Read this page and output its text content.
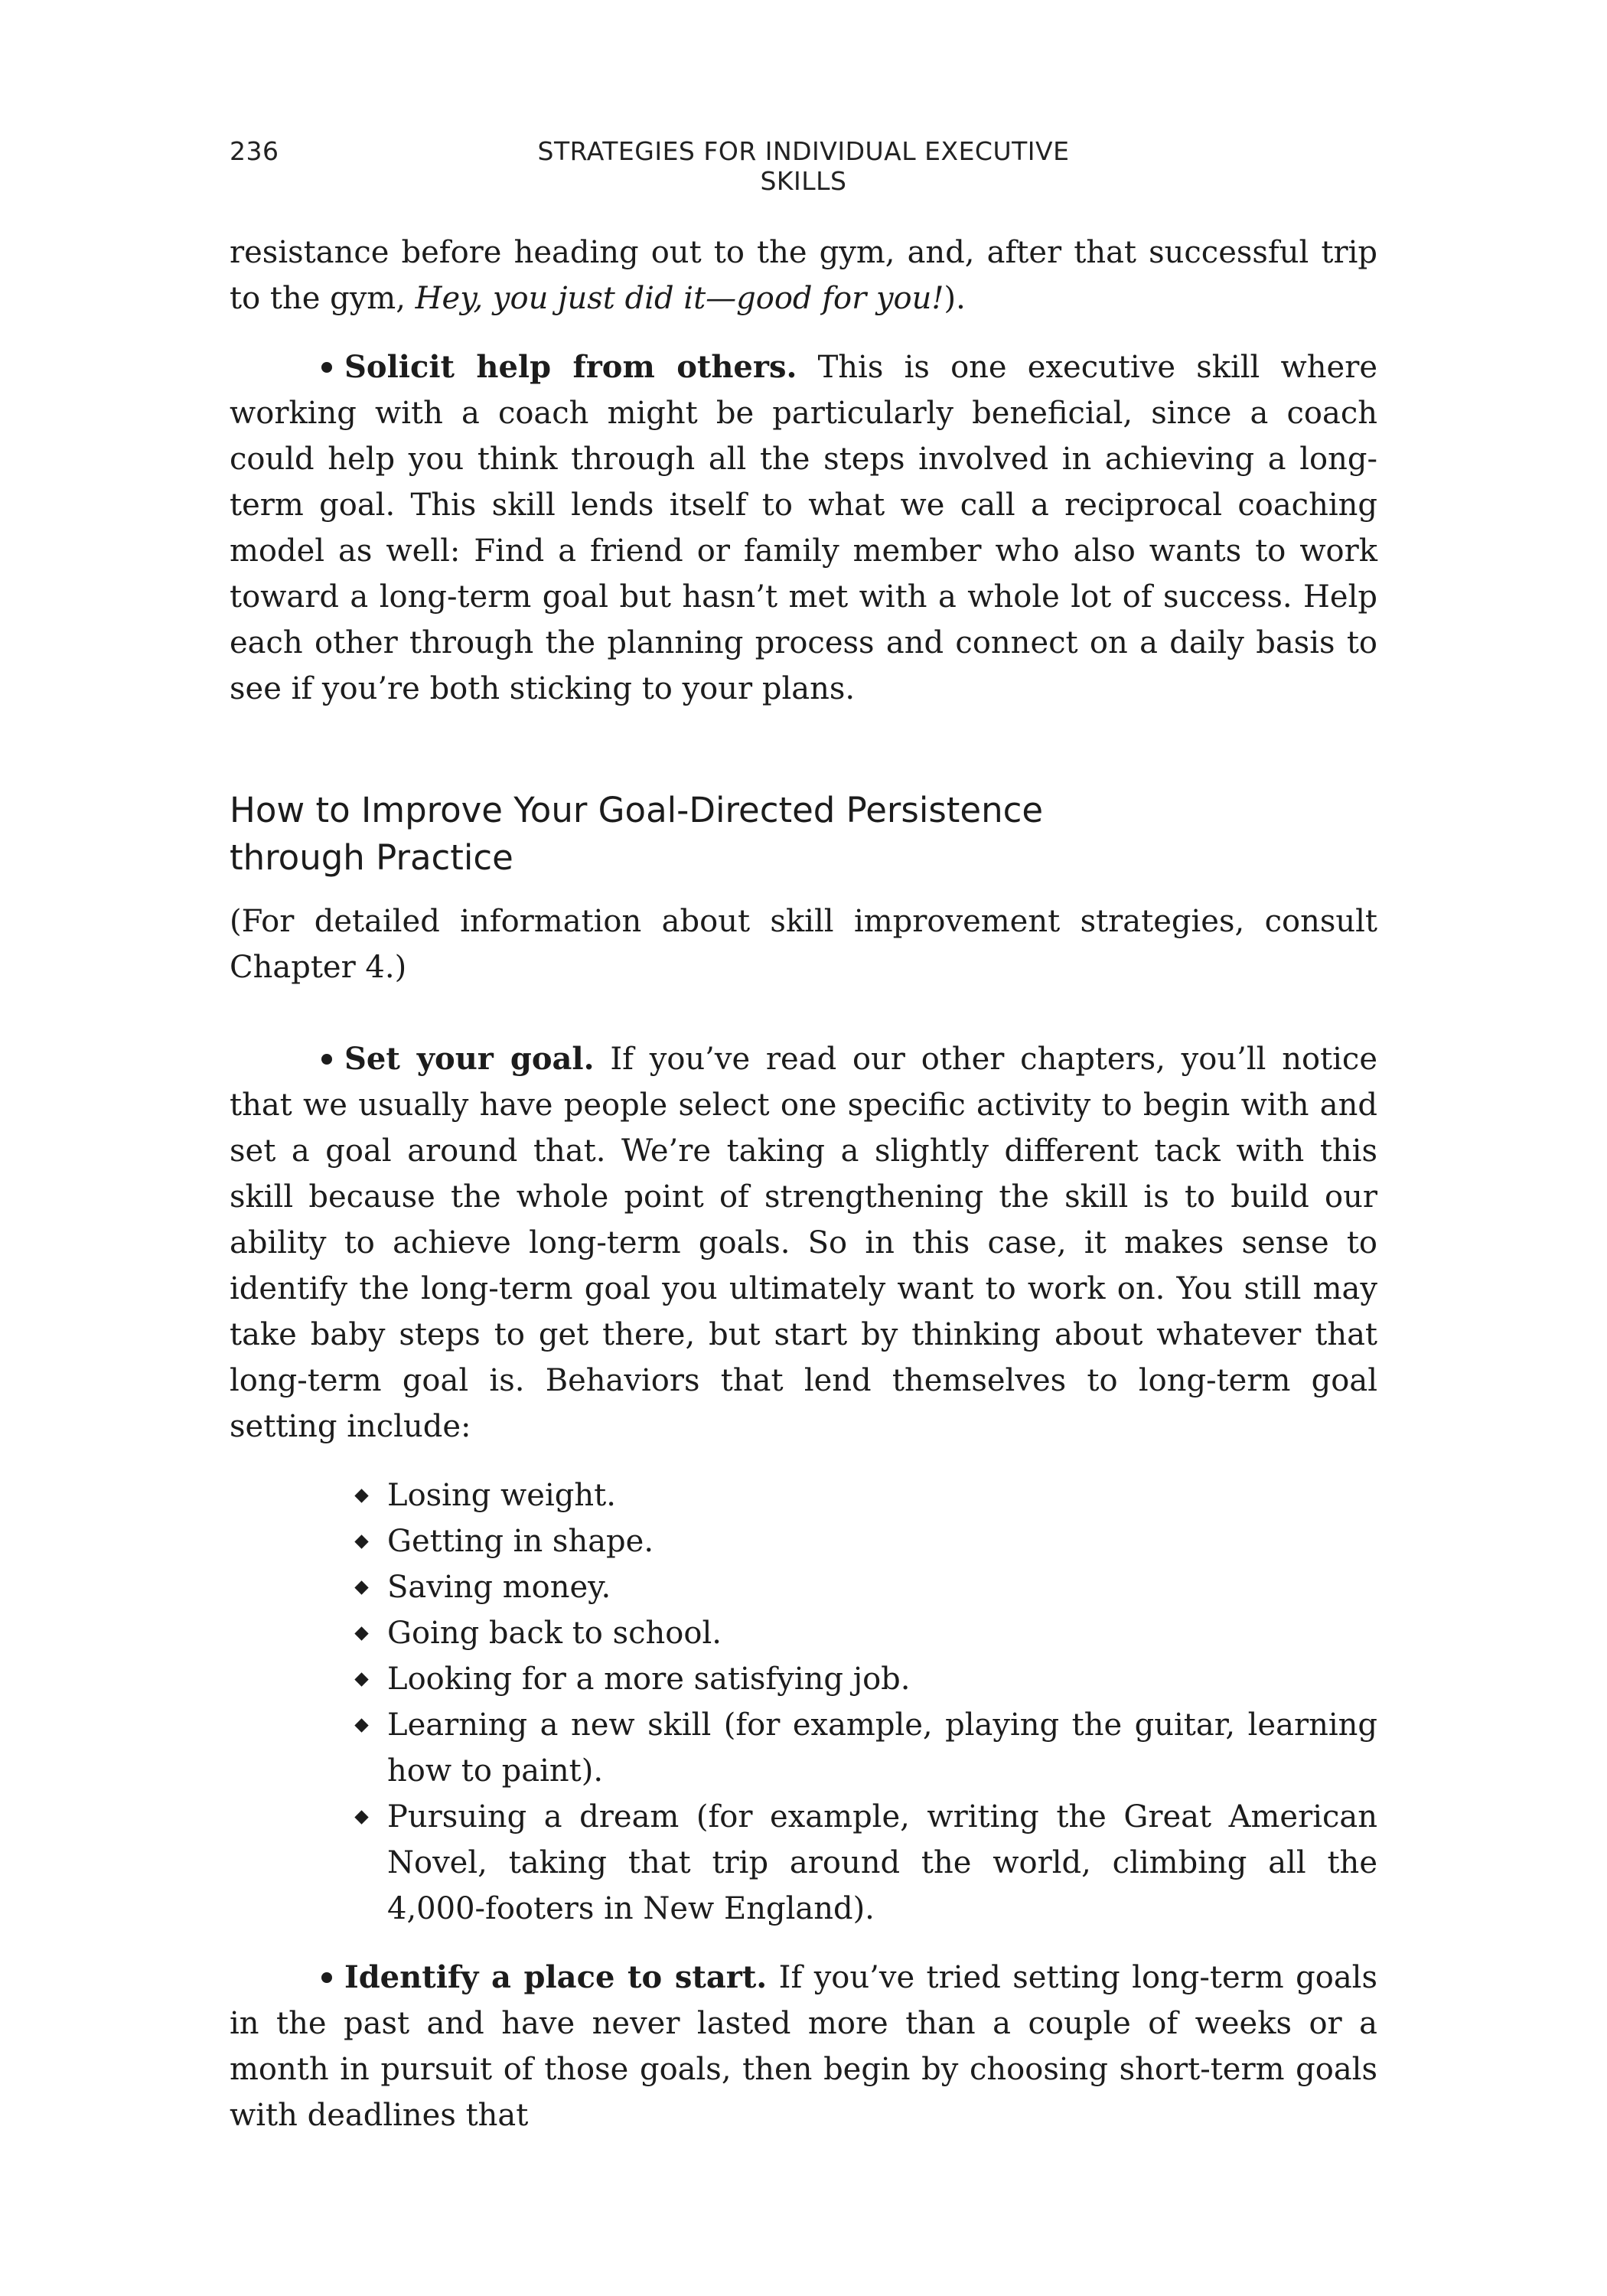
236	STRATEGIES FOR INDIVIDUAL EXECUTIVE SKILLS

resistance before heading out to the gym, and, after that successful trip to the gym, Hey, you just did it—good for you!).

Solicit help from others. This is one executive skill where working with a coach might be particularly beneficial, since a coach could help you think through all the steps involved in achieving a long-term goal. This skill lends itself to what we call a reciprocal coaching model as well: Find a friend or family member who also wants to work toward a long-term goal but hasn’t met with a whole lot of success. Help each other through the planning process and connect on a daily basis to see if you’re both sticking to your plans.

How to Improve Your Goal-Directed Persistence
through Practice

(For detailed information about skill improvement strategies, consult Chapter 4.)

Set your goal. If you’ve read our other chapters, you’ll notice that we usually have people select one specific activity to begin with and set a goal around that. We’re taking a slightly different tack with this skill because the whole point of strengthening the skill is to build our ability to achieve long-term goals. So in this case, it makes sense to identify the long-term goal you ultimately want to work on. You still may take baby steps to get there, but start by thinking about whatever that long-term goal is. Behaviors that lend themselves to long-term goal setting include:

Losing weight.
Getting in shape.
Saving money.
Going back to school.
Looking for a more satisfying job.
Learning a new skill (for example, playing the guitar, learning how to paint).
Pursuing a dream (for example, writing the Great American Novel, taking that trip around the world, climbing all the 4,000-footers in New England).

Identify a place to start. If you’ve tried setting long-term goals in the past and have never lasted more than a couple of weeks or a month in pursuit of those goals, then begin by choosing short-term goals with deadlines that
